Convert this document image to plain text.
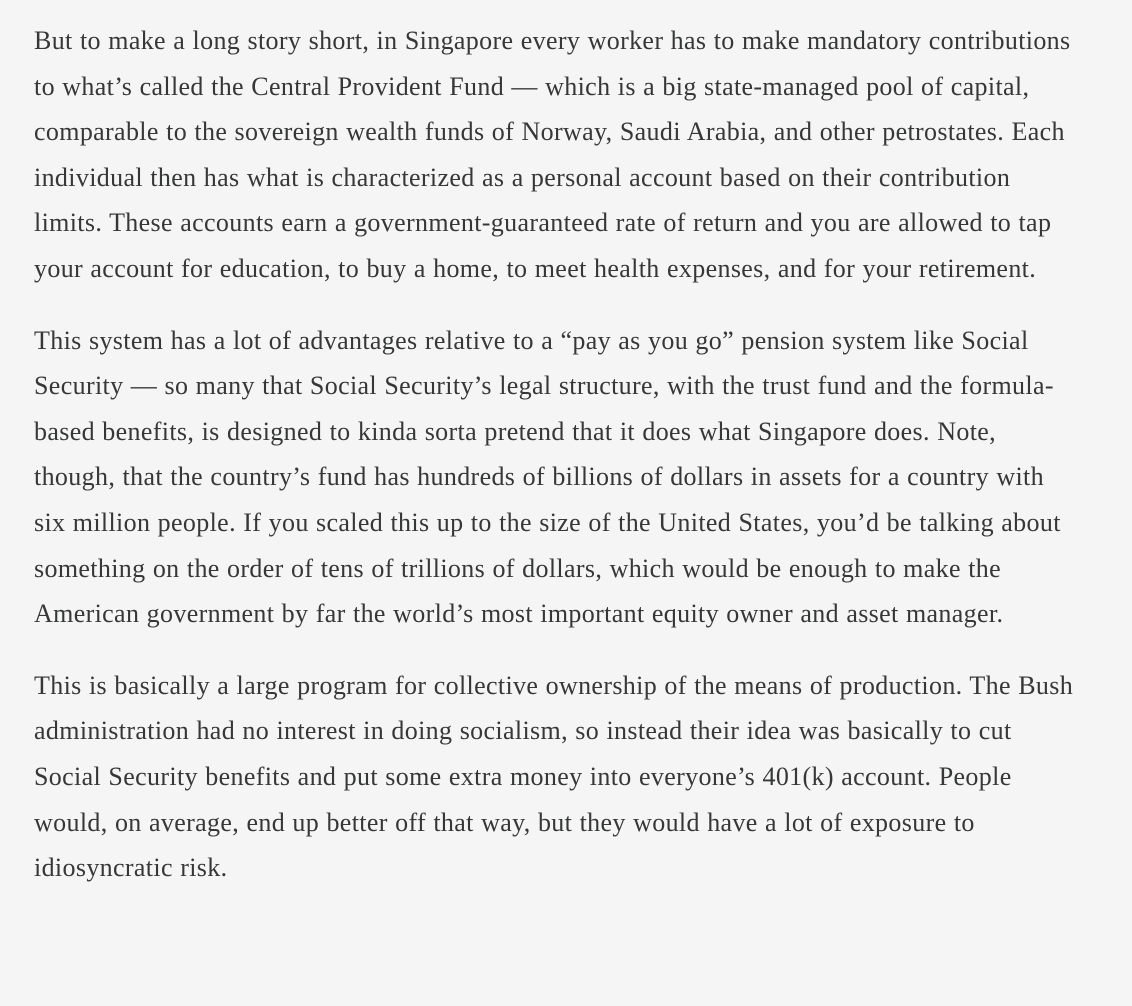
But to make a long story short, in Singapore every worker has to make mandatory contributions to what’s called the Central Provident Fund — which is a big state-managed pool of capital, comparable to the sovereign wealth funds of Norway, Saudi Arabia, and other petrostates. Each individual then has what is characterized as a personal account based on their contribution limits. These accounts earn a government-guaranteed rate of return and you are allowed to tap your account for education, to buy a home, to meet health expenses, and for your retirement.

This system has a lot of advantages relative to a “pay as you go” pension system like Social Security — so many that Social Security’s legal structure, with the trust fund and the formula-based benefits, is designed to kinda sorta pretend that it does what Singapore does. Note, though, that the country’s fund has hundreds of billions of dollars in assets for a country with six million people. If you scaled this up to the size of the United States, you’d be talking about something on the order of tens of trillions of dollars, which would be enough to make the American government by far the world’s most important equity owner and asset manager.

This is basically a large program for collective ownership of the means of production. The Bush administration had no interest in doing socialism, so instead their idea was basically to cut Social Security benefits and put some extra money into everyone’s 401(k) account. People would, on average, end up better off that way, but they would have a lot of exposure to idiosyncratic risk.
